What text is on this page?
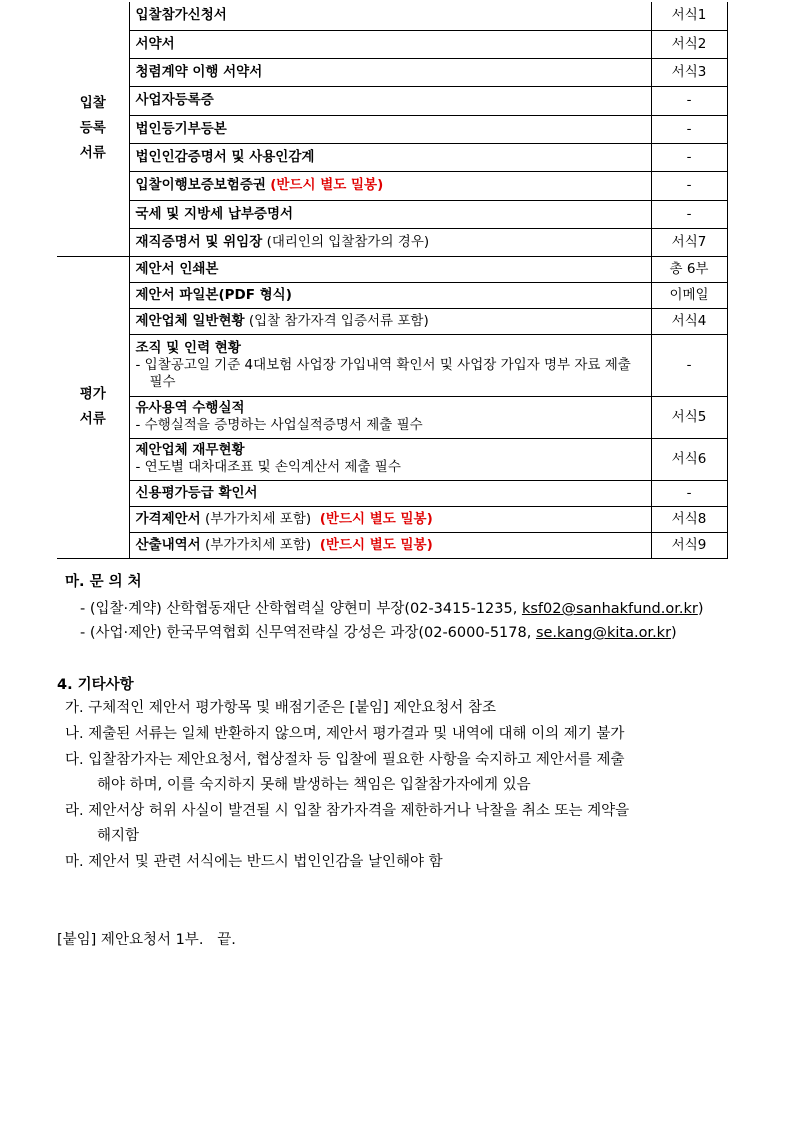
입찰
등록
서류	입찰참가신청서	서식1
	서약서	서식2
	청렴계약 이행 서약서	서식3
	사업자등록증	-
	법인등기부등본	-
	법인인감증명서 및 사용인감계	-
	입찰이행보증보험증권 (반드시 별도 밀봉)	-
	국세 및 지방세 납부증명서	-
	재직증명서 및 위임장 (대리인의 입찰참가의 경우)	서식7

평가
서류	제안서 인쇄본	총 6부
	제안서 파일본(PDF 형식)	이메일
	제안업체 일반현황 (입찰 참가자격 입증서류 포함)	서식4
	조직 및 인력 현황
- 입찰공고일 기준 4대보험 사업장 가입내역 확인서 및 사업장 가입자 명부 자료 제출 필수	-
	유사용역 수행실적
- 수행실적을 증명하는 사업실적증명서 제출 필수	서식5
	제안업체 재무현황
- 연도별 대차대조표 및 손익계산서 제출 필수	서식6
	신용평가등급 확인서	-
	가격제안서 (부가가치세 포함) (반드시 별도 밀봉)	서식8
	산출내역서 (부가가치세 포함) (반드시 별도 밀봉)	서식9
마. 문 의 처
- (입찰·계약) 산학협동재단 산학협력실 양현미 부장(02-3415-1235, ksf02@sanhakfund.or.kr)
- (사업·제안) 한국무역협회 신무역전략실 강성은 과장(02-6000-5178, se.kang@kita.or.kr)
4. 기타사항
가. 구체적인 제안서 평가항목 및 배점기준은 [붙임] 제안요청서 참조
나. 제출된 서류는 일체 반환하지 않으며, 제안서 평가결과 및 내역에 대해 이의 제기 불가
다. 입찰참가자는 제안요청서, 협상절차 등 입찰에 필요한 사항을 숙지하고 제안서를 제출
해야 하며, 이를 숙지하지 못해 발생하는 책임은 입찰참가자에게 있음
라. 제안서상 허위 사실이 발견될 시 입찰 참가자격을 제한하거나 낙찰을 취소 또는 계약을
해지함
마. 제안서 및 관련 서식에는 반드시 법인인감을 날인해야 함
[붙임] 제안요청서 1부.   끝.
